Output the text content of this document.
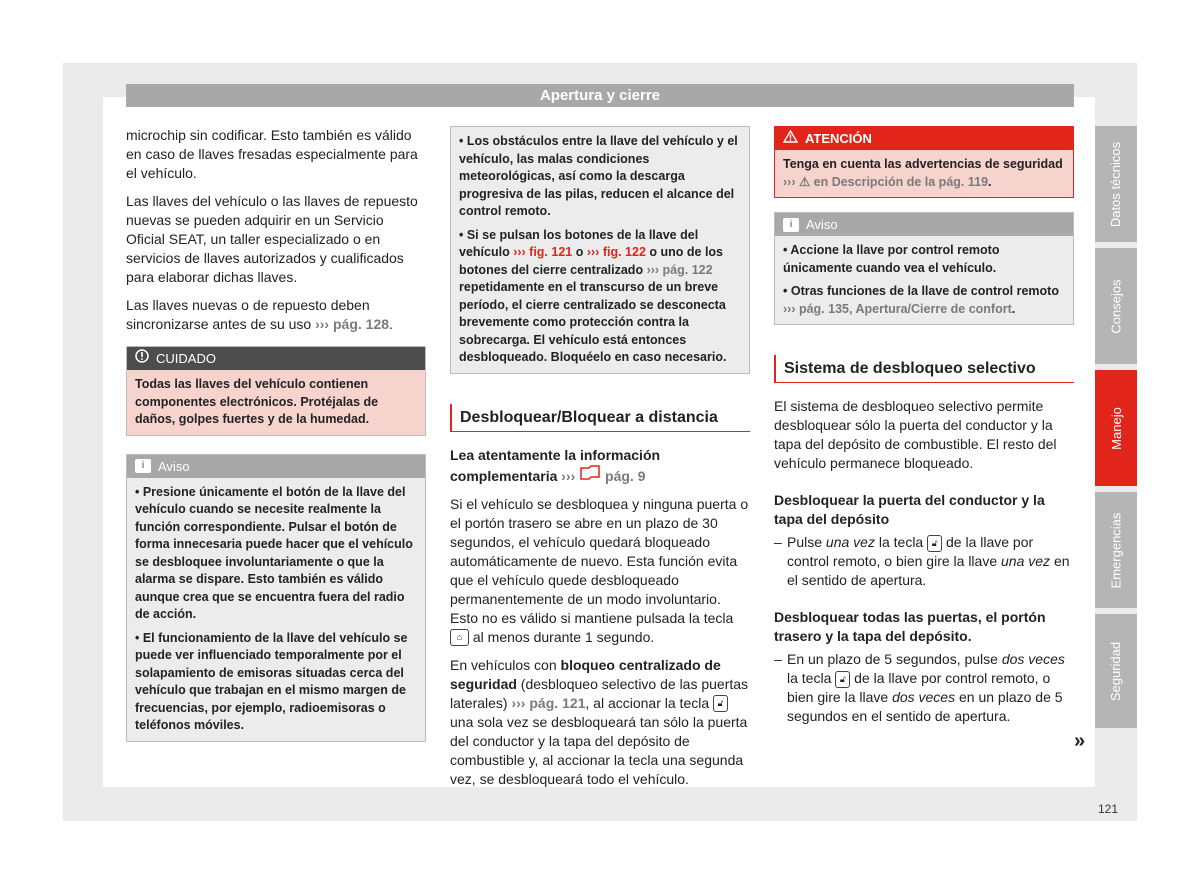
Apertura y cierre

microchip sin codificar. Esto también es válido en caso de llaves fresadas especialmente para el vehículo.

Las llaves del vehículo o las llaves de repuesto nuevas se pueden adquirir en un Servicio Oficial SEAT, un taller especializado o en servicios de llaves autorizados y cualificados para elaborar dichas llaves.

Las llaves nuevas o de repuesto deben sincronizarse antes de su uso ››› pág. 128.

CUIDADO
Todas las llaves del vehículo contienen componentes electrónicos. Protéjalas de daños, golpes fuertes y de la humedad.
i	Aviso

• Presione únicamente el botón de la llave del vehículo cuando se necesite realmente la función correspondiente. Pulsar el botón de forma innecesaria puede hacer que el vehículo se desbloquee involuntariamente o que la alarma se dispare. Esto también es válido aunque crea que se encuentra fuera del radio de acción.

• El funcionamiento de la llave del vehículo se puede ver influenciado temporalmente por el solapamiento de emisoras situadas cerca del vehículo que trabajan en el mismo margen de frecuencias, por ejemplo, radioemisoras o teléfonos móviles.

• Los obstáculos entre la llave del vehículo y el vehículo, las malas condiciones meteorológicas, así como la descarga progresiva de las pilas, reducen el alcance del control remoto.

• Si se pulsan los botones de la llave del vehículo ››› fig. 121 o ››› fig. 122 o uno de los botones del cierre centralizado ››› pág. 122 repetidamente en el transcurso de un breve período, el cierre centralizado se desconecta brevemente como protección contra la sobrecarga. El vehículo está entonces desbloqueado. Bloquéelo en caso necesario.

Desbloquear/Bloquear a distancia

Lea atentamente la información complementaria ››› pág. 9

Si el vehículo se desbloquea y ninguna puerta o el portón trasero se abre en un plazo de 30 segundos, el vehículo quedará bloqueado automáticamente de nuevo. Esta función evita que el vehículo quede desbloqueado permanentemente de un modo involuntario. Esto no es válido si mantiene pulsada la tecla ⌂ al menos durante 1 segundo.

En vehículos con bloqueo centralizado de seguridad (desbloqueo selectivo de las puertas laterales) ››› pág. 121, al accionar la tecla 🔓︎ una sola vez se desbloqueará tan sólo la puerta del conductor y la tapa del depósito de combustible y, al accionar la tecla una segunda vez, se desbloqueará todo el vehículo.

ATENCIÓN
Tenga en cuenta las advertencias de seguridad ››› ⚠ en Descripción de la pág. 119.
i	Aviso

• Accione la llave por control remoto únicamente cuando vea el vehículo.

• Otras funciones de la llave de control remoto ››› pág. 135, Apertura/Cierre de confort.

Sistema de desbloqueo selectivo

El sistema de desbloqueo selectivo permite desbloquear sólo la puerta del conductor y la tapa del depósito de combustible. El resto del vehículo permanece bloqueado.

Desbloquear la puerta del conductor y la tapa del depósito
– Pulse una vez la tecla 🔓︎ de la llave por control remoto, o bien gire la llave una vez en el sentido de apertura.
Desbloquear todas las puertas, el portón trasero y la tapa del depósito.
– En un plazo de 5 segundos, pulse dos veces la tecla 🔓︎ de la llave por control remoto, o bien gire la llave dos veces en un plazo de 5 segundos en el sentido de apertura.
»
Datos técnicos
Consejos
Manejo
Emergencias
Seguridad
121
